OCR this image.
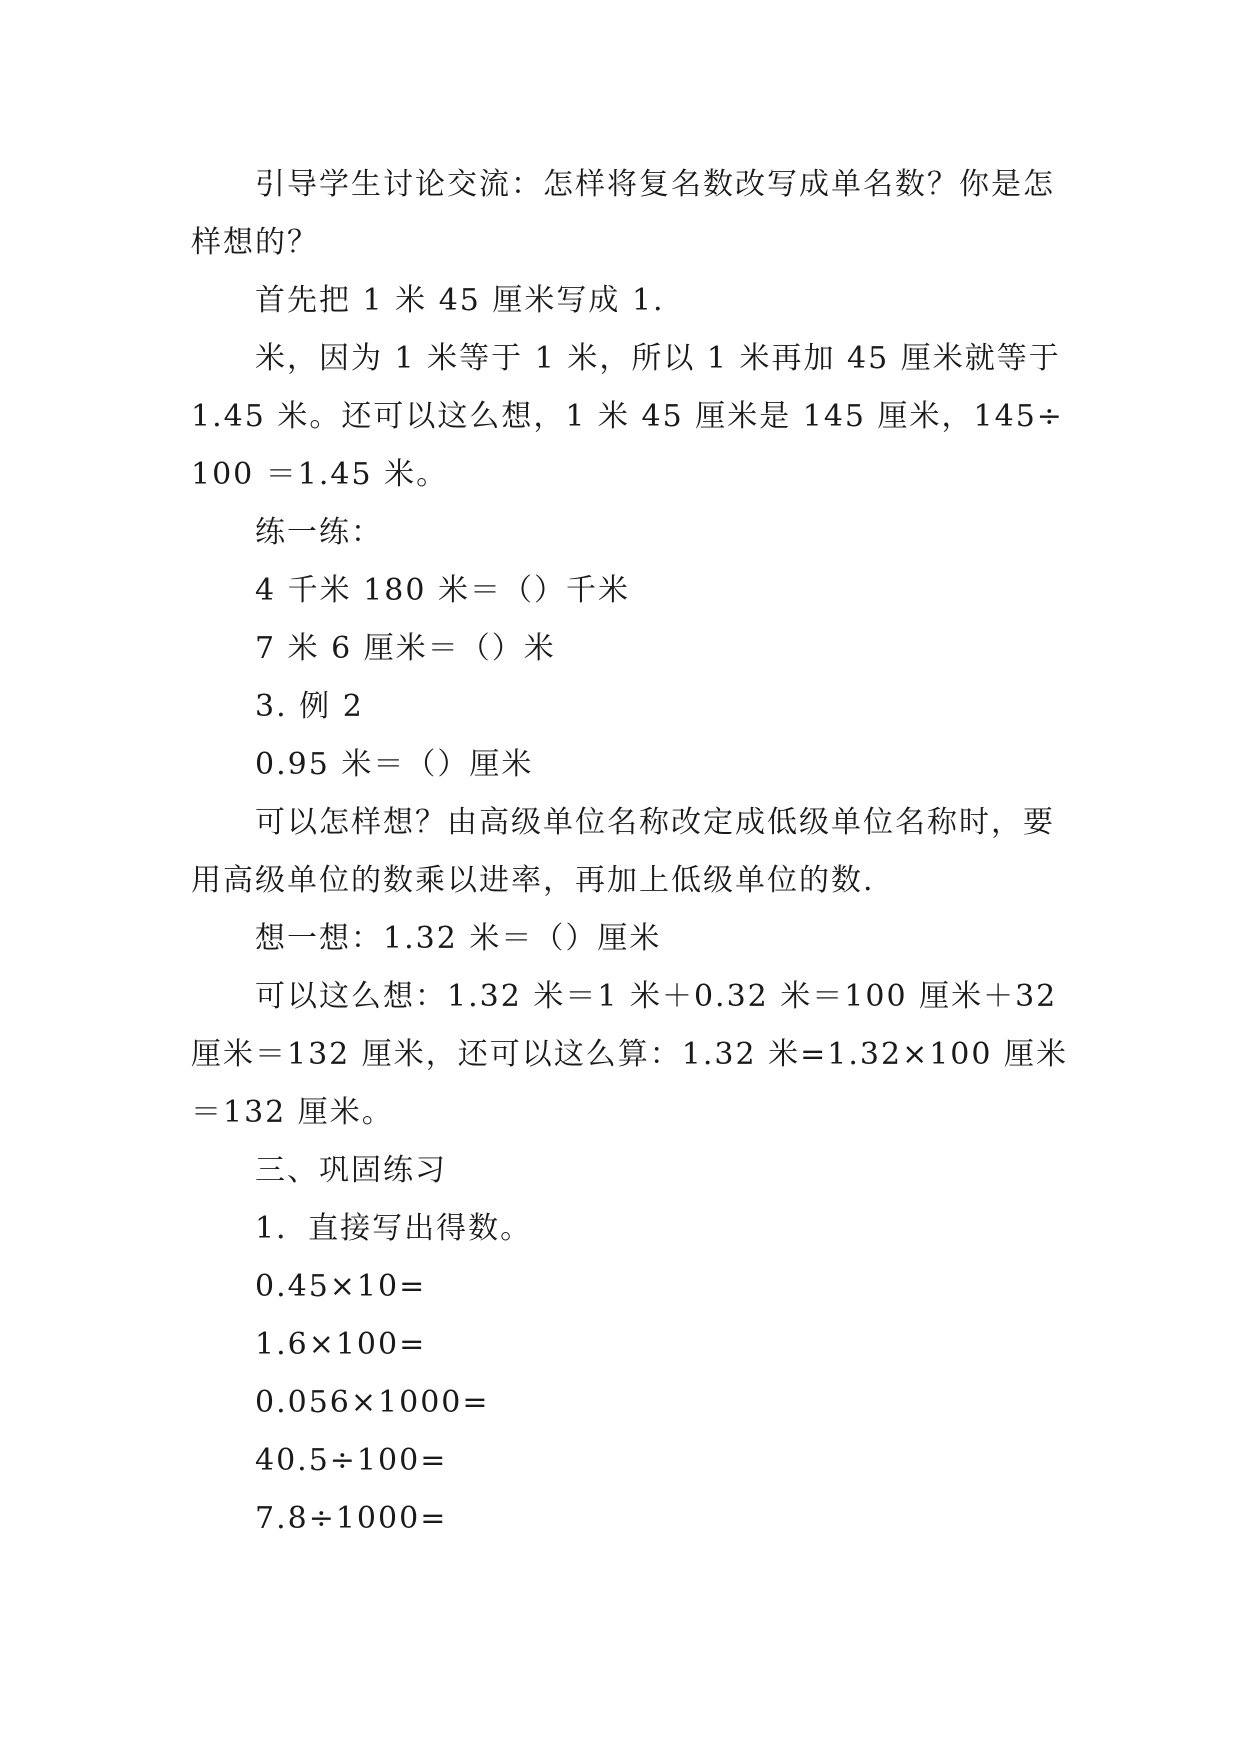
引导学生讨论交流：怎样将复名数改写成单名数？你是怎样想的？

首先把 1 米 45 厘米写成 1.

米，因为 1 米等于 1 米，所以 1 米再加 45 厘米就等于 1.45 米。还可以这么想，1 米 45 厘米是 145 厘米，145÷100 ＝1.45 米。

练一练：

4 千米 180 米＝（）千米

7 米 6 厘米＝（）米

3. 例 2

0.95 米＝（）厘米

可以怎样想？由高级单位名称改定成低级单位名称时，要用高级单位的数乘以进率，再加上低级单位的数.

想一想：1.32 米＝（）厘米

可以这么想：1.32 米＝1 米＋0.32 米＝100 厘米＋32 厘米＝132 厘米，还可以这么算：1.32 米=1.32×100 厘米＝132 厘米。

三、巩固练习

1．直接写出得数。

0.45×10=

1.6×100=

0.056×1000=

40.5÷100=

7.8÷1000=
